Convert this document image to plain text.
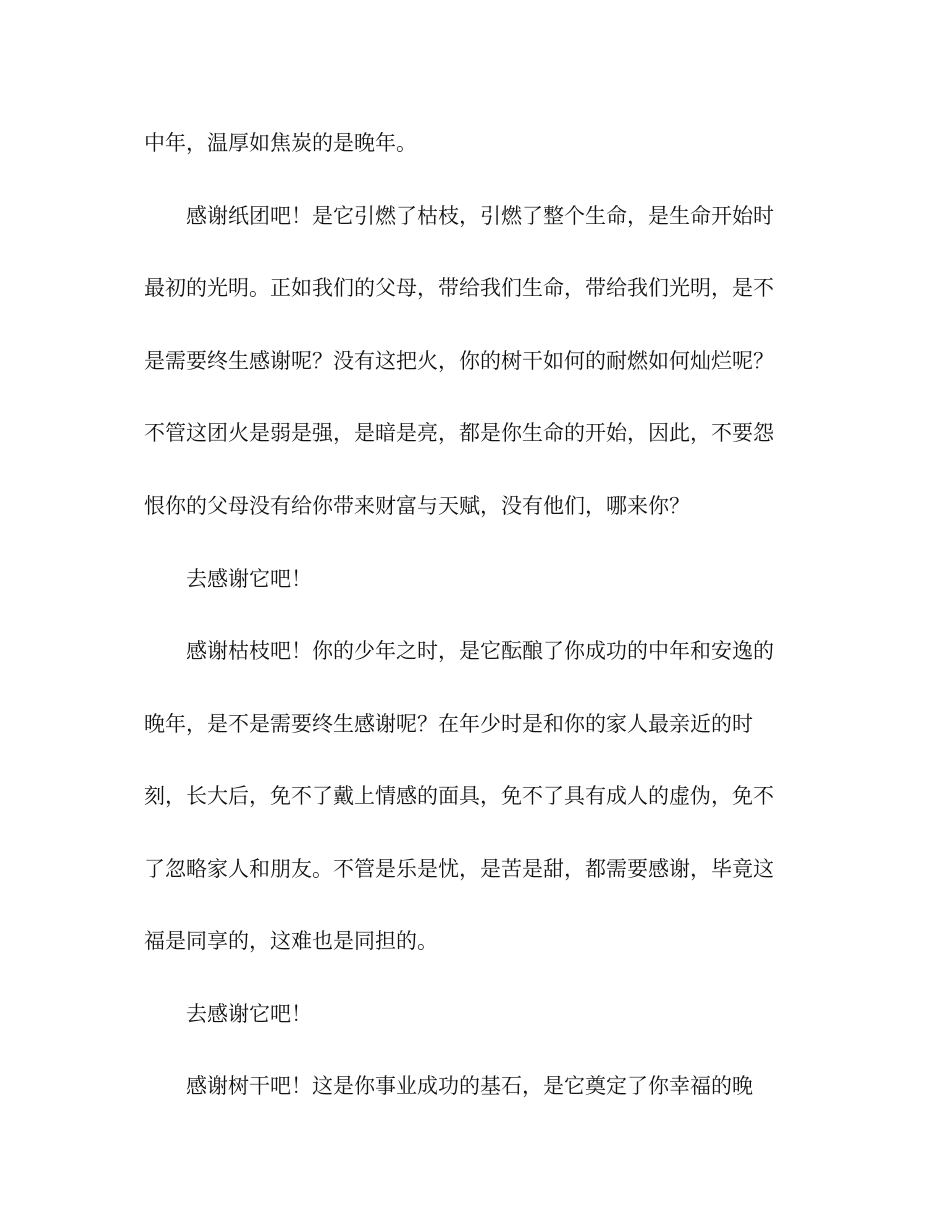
中年，温厚如焦炭的是晚年。

感谢纸团吧！是它引燃了枯枝，引燃了整个生命，是生命开始时

最初的光明。正如我们的父母，带给我们生命，带给我们光明，是不

是需要终生感谢呢？没有这把火，你的树干如何的耐燃如何灿烂呢？

不管这团火是弱是强，是暗是亮，都是你生命的开始，因此，不要怨

恨你的父母没有给你带来财富与天赋，没有他们，哪来你？

去感谢它吧！

感谢枯枝吧！你的少年之时，是它酝酿了你成功的中年和安逸的

晚年，是不是需要终生感谢呢？在年少时是和你的家人最亲近的时

刻，长大后，免不了戴上情感的面具，免不了具有成人的虚伪，免不

了忽略家人和朋友。不管是乐是忧，是苦是甜，都需要感谢，毕竟这

福是同享的，这难也是同担的。

去感谢它吧！

感谢树干吧！这是你事业成功的基石，是它奠定了你幸福的晚
